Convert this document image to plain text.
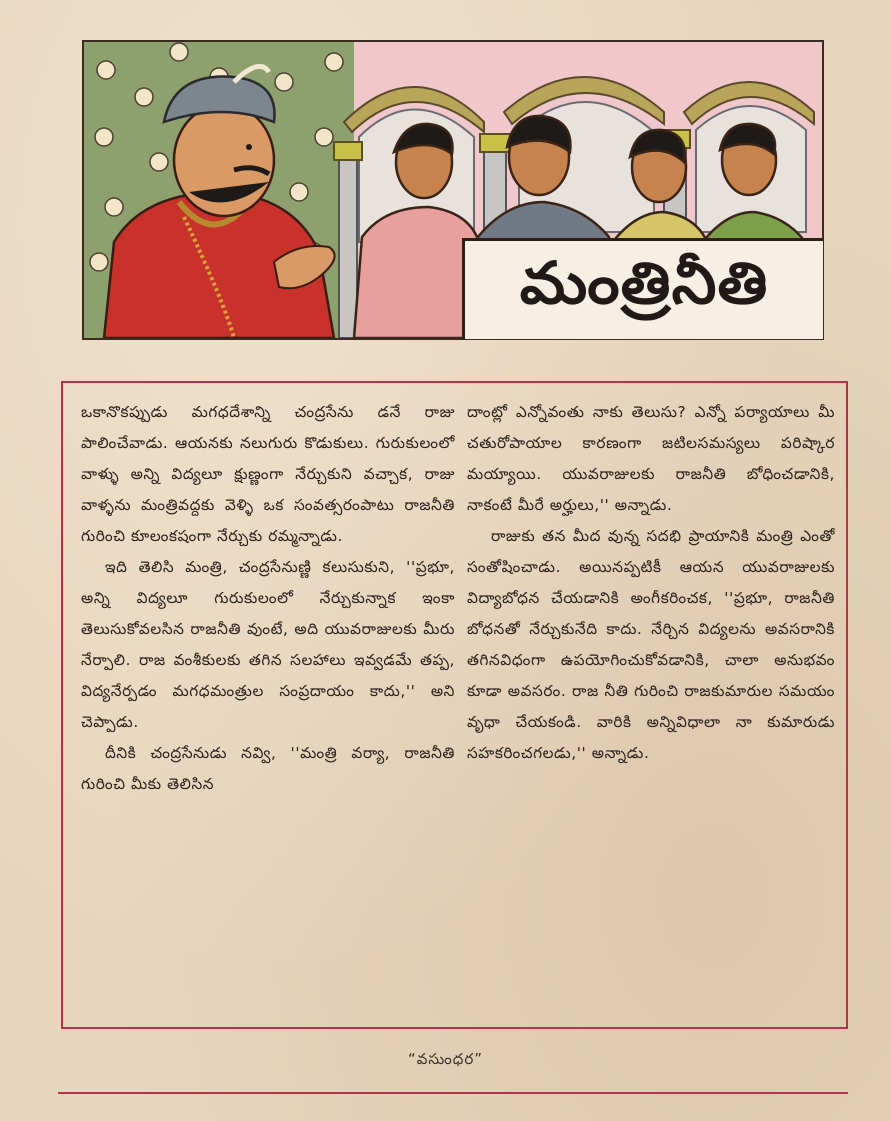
మంత్రినీతి

ఒకానొకప్పుడు మగధదేశాన్ని చంద్రసేను డనే రాజు పాలించేవాడు. ఆయనకు నలుగురు కొడుకులు. గురుకులంలో వాళ్ళు అన్ని విద్యలూ క్షుణ్ణంగా నేర్చుకుని వచ్చాక, రాజు వాళ్ళను మంత్రివద్దకు వెళ్ళి ఒక సంవత్సరంపాటు రాజనీతి గురించి కూలంకషంగా నేర్చుకు రమ్మన్నాడు.

ఇది తెలిసి మంత్రి, చంద్రసేనుణ్ణి కలుసుకుని, ''ప్రభూ, అన్ని విద్యలూ గురుకులంలో నేర్చుకున్నాక ఇంకా తెలుసుకోవలసిన రాజనీతి వుంటే, అది యువరాజులకు మీరు నేర్పాలి. రాజ వంశీకులకు తగిన సలహాలు ఇవ్వడమే తప్ప, విద్యనేర్పడం మగధమంత్రుల సంప్రదాయం కాదు,'' అని చెప్పాడు.

దీనికి చంద్రసేనుడు నవ్వి, ''మంత్రి వర్యా, రాజనీతి గురించి మీకు తెలిసిన

దాంట్లో ఎన్నోవంతు నాకు తెలుసు? ఎన్నో పర్యాయాలు మీ చతురోపాయాల కారణంగా జటిలసమస్యలు పరిష్కార మయ్యాయి. యువరాజులకు రాజనీతి బోధించడానికి, నాకంటే మీరే అర్హులు,'' అన్నాడు.

రాజుకు తన మీద వున్న సదభి ప్రాయానికి మంత్రి ఎంతో సంతోషించాడు. అయినప్పటికీ ఆయన యువరాజులకు విద్యాబోధన చేయడానికి అంగీకరించక, ''ప్రభూ, రాజనీతి బోధనతో నేర్చుకునేది కాదు. నేర్చిన విద్యలను అవసరానికి తగినవిధంగా ఉపయోగించుకోవడానికి, చాలా అనుభవం కూడా అవసరం. రాజ నీతి గురించి రాజకుమారుల సమయం వృధా చేయకండి. వారికి అన్నివిధాలా నా కుమారుడు సహకరించగలడు,'' అన్నాడు.

“వసుంధర”
